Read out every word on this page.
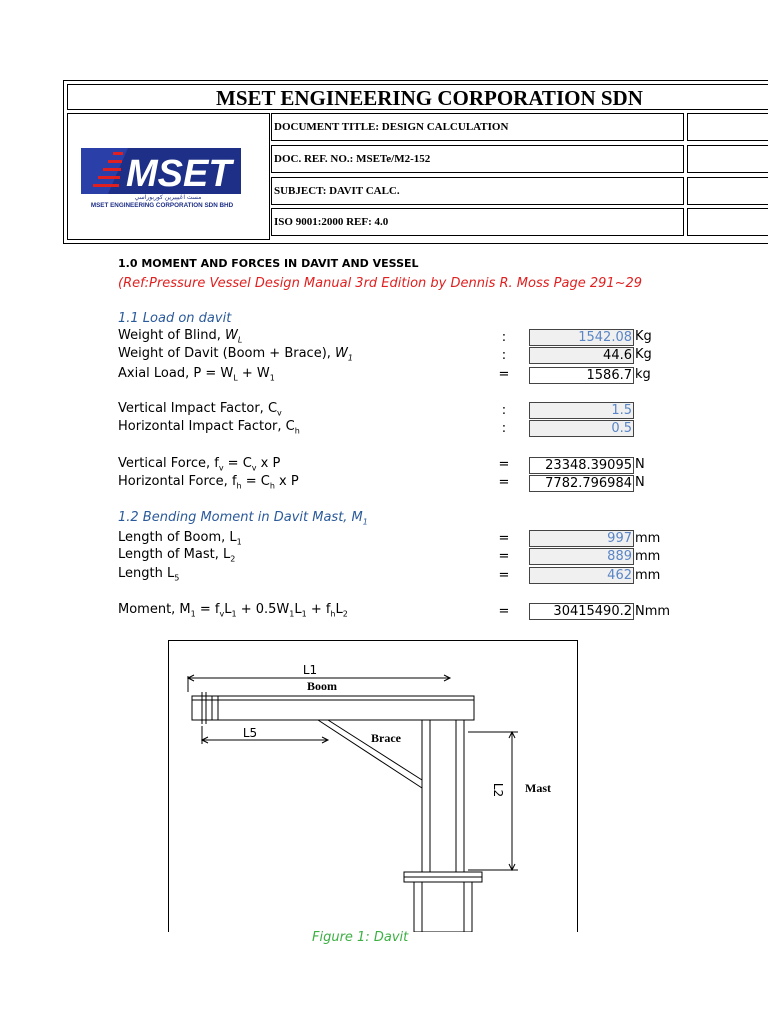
MSET ENGINEERING CORPORATION SDN
MSET
مست اڠيڽيرين كوربوراسي
MSET ENGINEERING CORPORATION SDN BHD
DOCUMENT TITLE: DESIGN CALCULATION
DOC. REF. NO.: MSETe/M2-152
SUBJECT: DAVIT CALC.
ISO 9001:2000 REF: 4.0
1.0 MOMENT AND FORCES IN DAVIT AND VESSEL
(Ref:Pressure Vessel Design Manual 3rd Edition by Dennis R. Moss Page 291~29
1.1 Load on davit
Weight of Blind, $W_L$	:	1542.08 Kg
Weight of Davit (Boom + Brace), $W_1$	:	44.6 Kg
Axial Load, $P = W_L + W_1$	=	1586.7 kg
Vertical Impact Factor, $C_v$	:	1.5
Horizontal Impact Factor, $C_h$	:	0.5
Vertical Force, $f_v = C_v$ x P	=	23348.39095 N
Horizontal Force, $f_h = C_h$ x P	=	7782.796984 N
1.2 Bending Moment in Davit Mast, $M_1$
Length of Boom, $L_1$	=	997 mm
Length of Mast, $L_2$	=	889 mm
Length $L_5$	=	462 mm
Moment, $M_1 = f_vL_1 + 0.5W_1L_1 + f_hL_2$	=	30415490.2 Nmm
Figure 1: Davit
L1
Boom
L5	Brace
L2 Mast
